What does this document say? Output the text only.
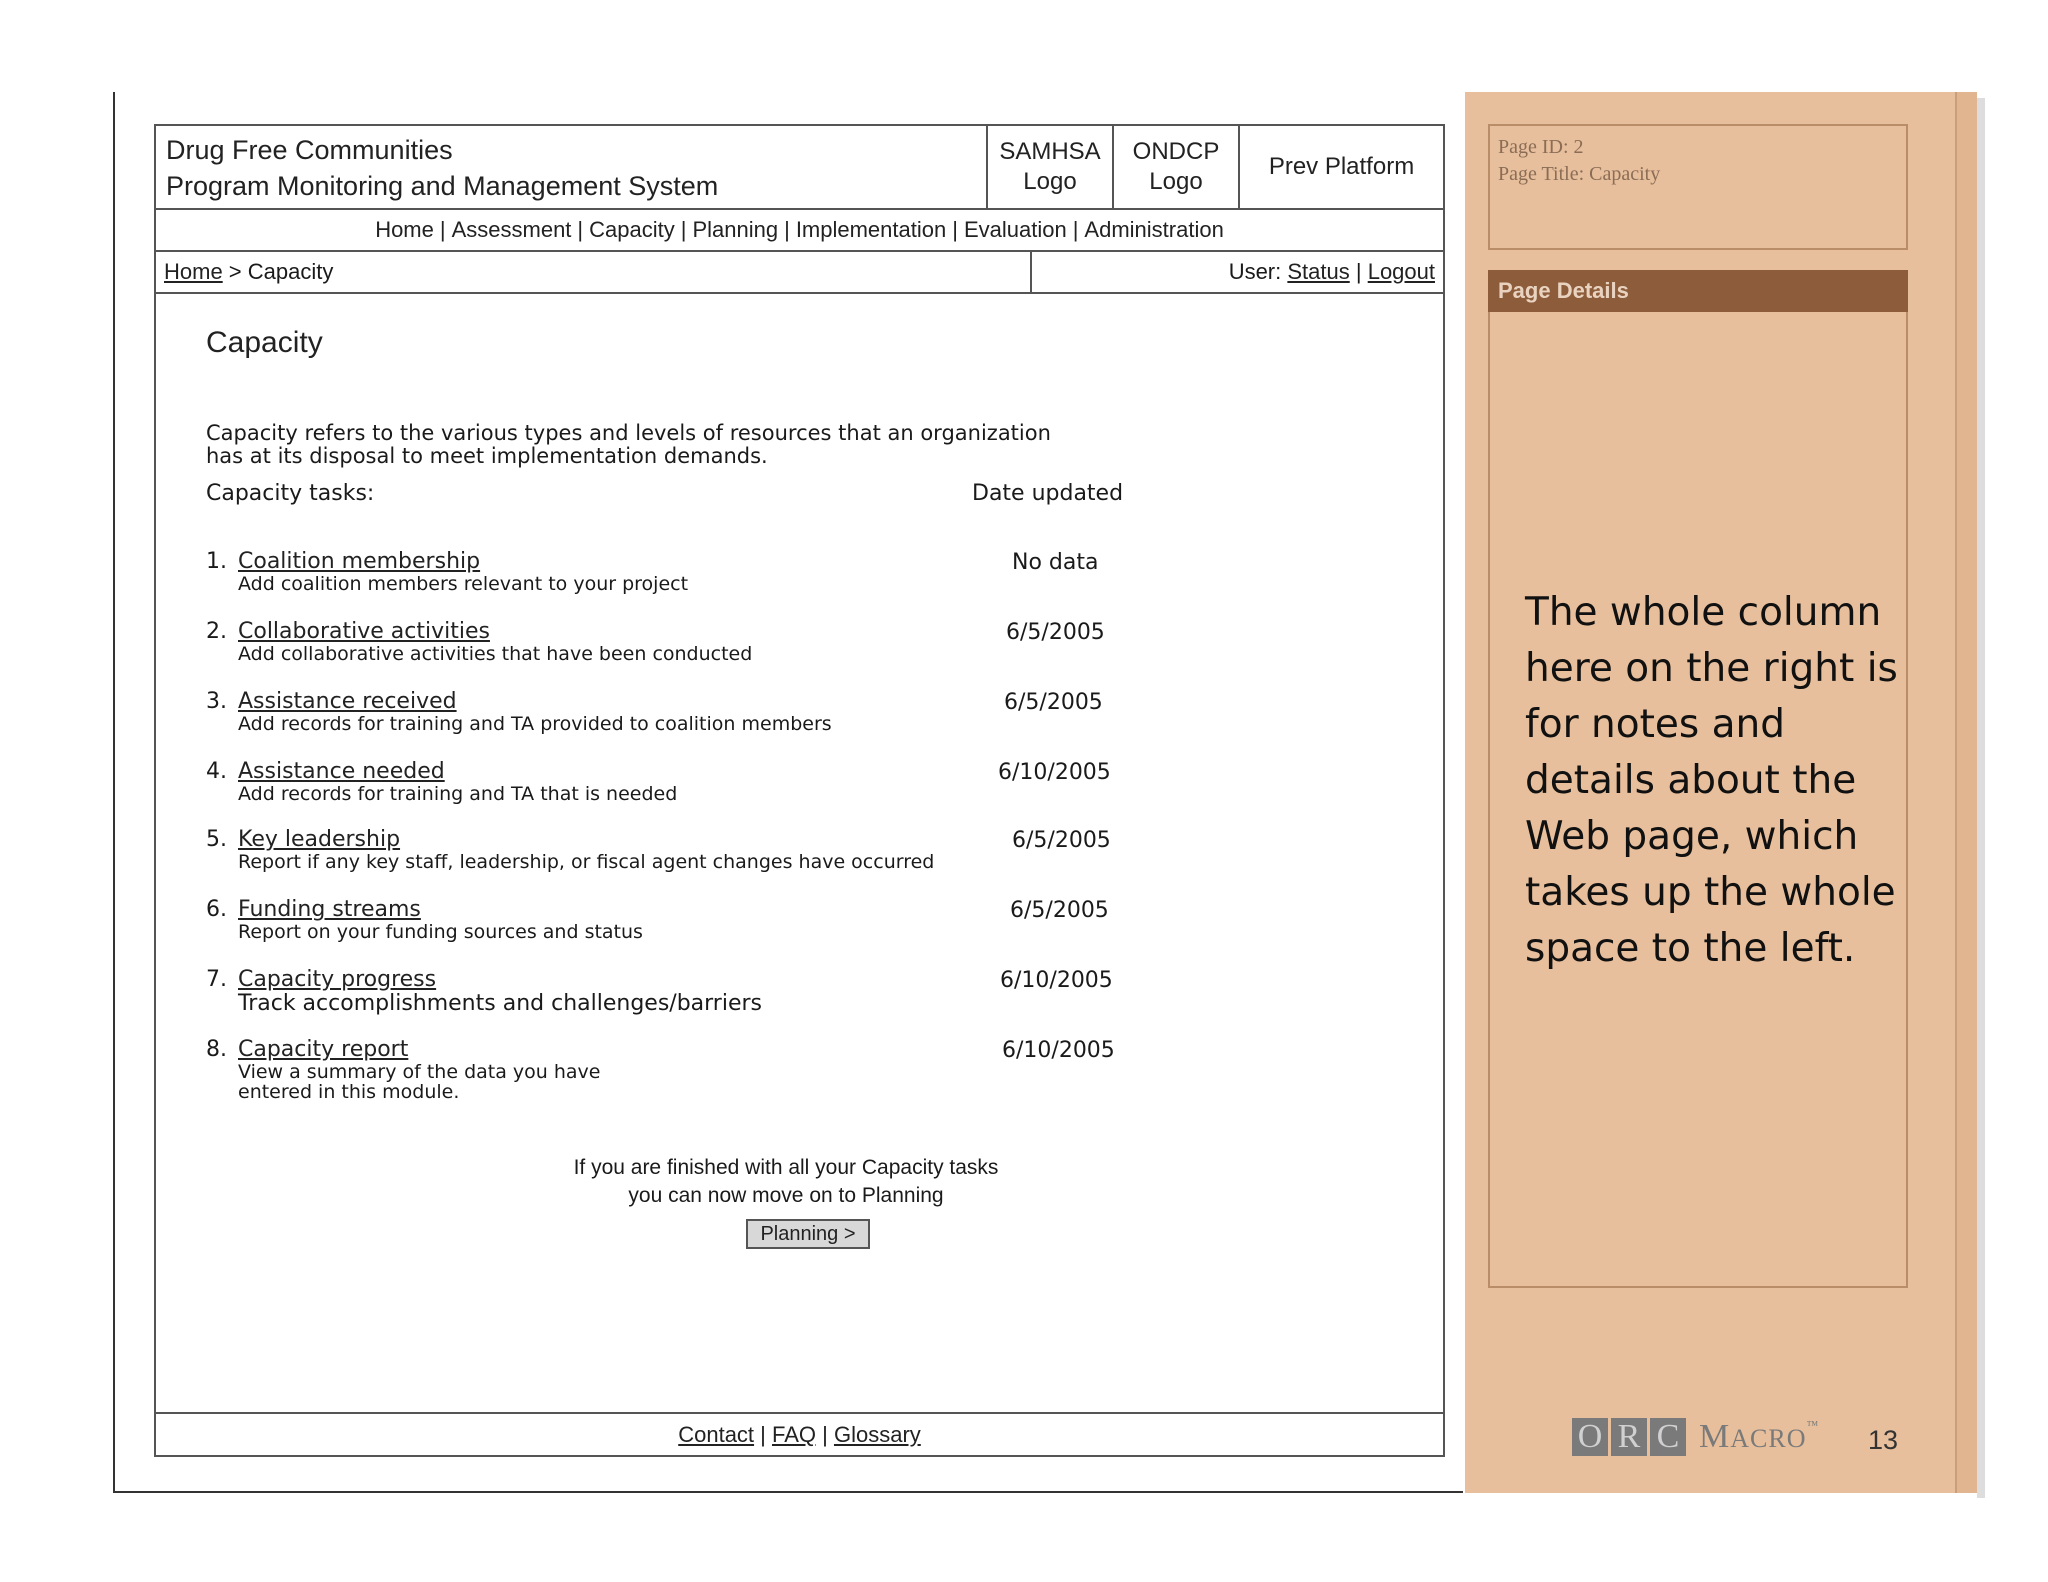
Drug Free Communities
Program Monitoring and Management System
SAMHSA
Logo
ONDCP
Logo
Prev Platform
Home | Assessment | Capacity | Planning | Implementation | Evaluation | Administration
Home > Capacity	User: Status | Logout
Capacity
Capacity refers to the various types and levels of resources that an organization
has at its disposal to meet implementation demands.
Capacity tasks:	Date updated
1. Coalition membership
Add coalition members relevant to your project
No data
2. Collaborative activities
Add collaborative activities that have been conducted
6/5/2005
3. Assistance received
Add records for training and TA provided to coalition members
6/5/2005
4. Assistance needed
Add records for training and TA that is needed
6/10/2005
5. Key leadership
Report if any key staff, leadership, or fiscal agent changes have occurred
6/5/2005
6. Funding streams
Report on your funding sources and status
6/5/2005
7. Capacity progress
Track accomplishments and challenges/barriers
6/10/2005
8. Capacity report
View a summary of the data you have entered in this module.
6/10/2005
If you are finished with all your Capacity tasks
you can now move on to Planning
Planning >
Contact | FAQ | Glossary
Page ID: 2
Page Title: Capacity
Page Details
The whole column here on the right is for notes and details about the Web page, which takes up the whole space to the left.
O R C MACRO™ 13
